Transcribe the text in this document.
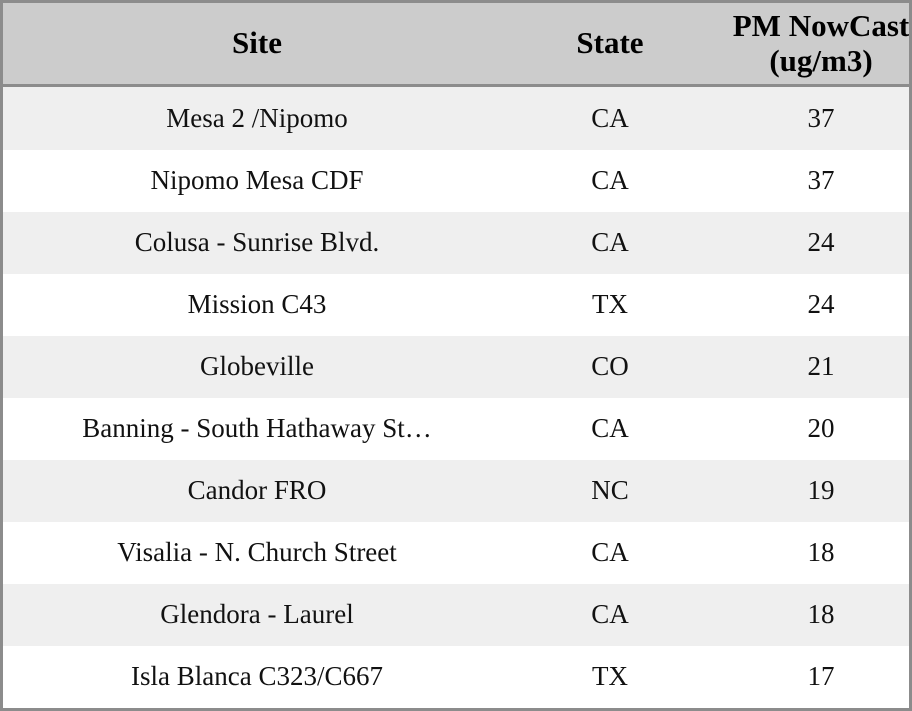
Site	State	PM NowCast (ug/m3)
Mesa 2 /Nipomo	CA	37
Nipomo Mesa CDF	CA	37
Colusa - Sunrise Blvd.	CA	24
Mission C43	TX	24
Globeville	CO	21
Banning - South Hathaway St…	CA	20
Candor FRO	NC	19
Visalia - N. Church Street	CA	18
Glendora - Laurel	CA	18
Isla Blanca C323/C667	TX	17
